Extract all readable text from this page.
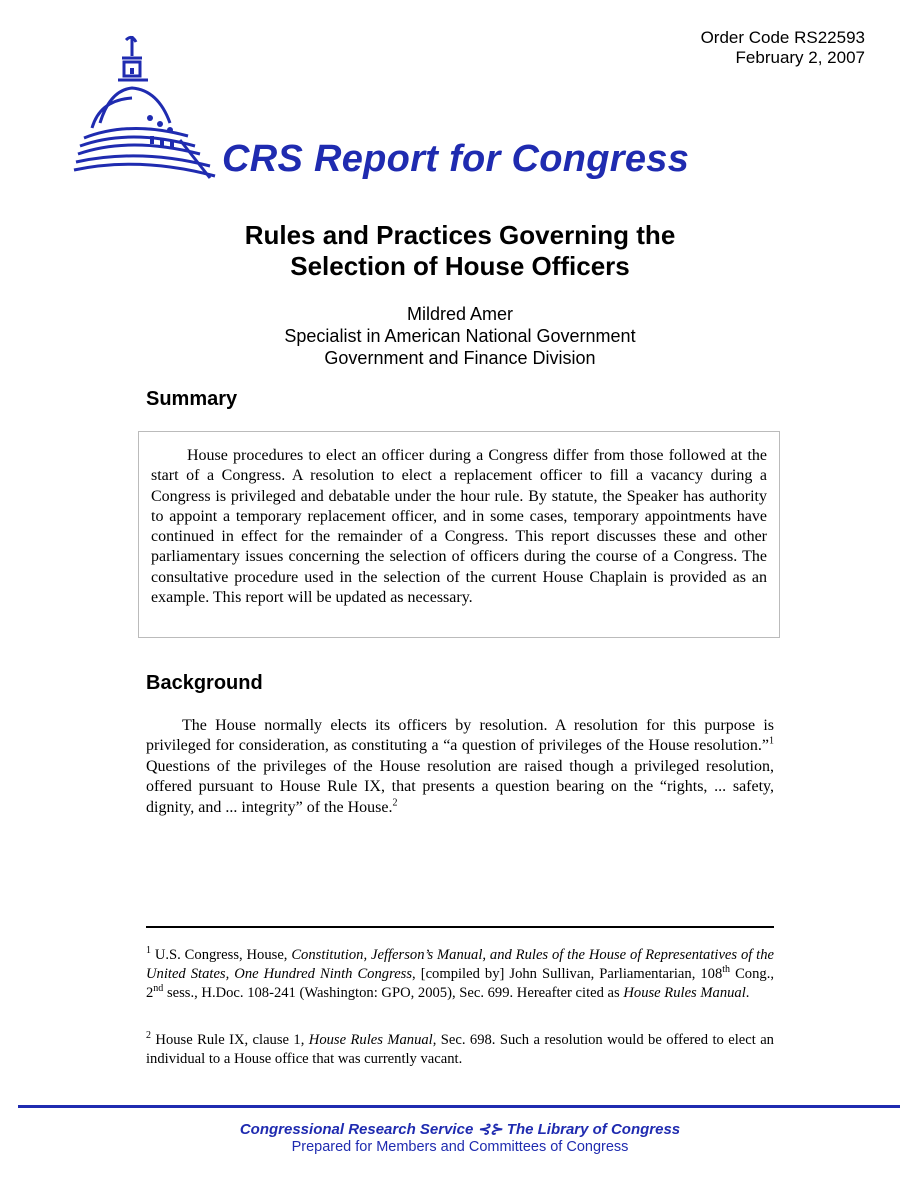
Order Code RS22593
February 2, 2007
CRS Report for Congress
Rules and Practices Governing the
Selection of House Officers
Mildred Amer
Specialist in American National Government
Government and Finance Division
Summary
House procedures to elect an officer during a Congress differ from those followed at the start of a Congress. A resolution to elect a replacement officer to fill a vacancy during a Congress is privileged and debatable under the hour rule. By statute, the Speaker has authority to appoint a temporary replacement officer, and in some cases, temporary appointments have continued in effect for the remainder of a Congress. This report discusses these and other parliamentary issues concerning the selection of officers during the course of a Congress. The consultative procedure used in the selection of the current House Chaplain is provided as an example. This report will be updated as necessary.
Background
The House normally elects its officers by resolution. A resolution for this purpose is privileged for consideration, as constituting a “a question of privileges of the House resolution.”$^1$ Questions of the privileges of the House resolution are raised though a privileged resolution, offered pursuant to House Rule IX, that presents a question bearing on the “rights, ... safety, dignity, and ... integrity” of the House.$^2$
$^1$ U.S. Congress, House, Constitution, Jefferson’s Manual, and Rules of the House of Representatives of the United States, One Hundred Ninth Congress, [compiled by] John Sullivan, Parliamentarian, 108th Cong., 2nd sess., H.Doc. 108-241 (Washington: GPO, 2005), Sec. 699. Hereafter cited as House Rules Manual.
$^2$ House Rule IX, clause 1, House Rules Manual, Sec. 698. Such a resolution would be offered to elect an individual to a House office that was currently vacant.
Congressional Research Service ⊰⊱ The Library of Congress
Prepared for Members and Committees of Congress
